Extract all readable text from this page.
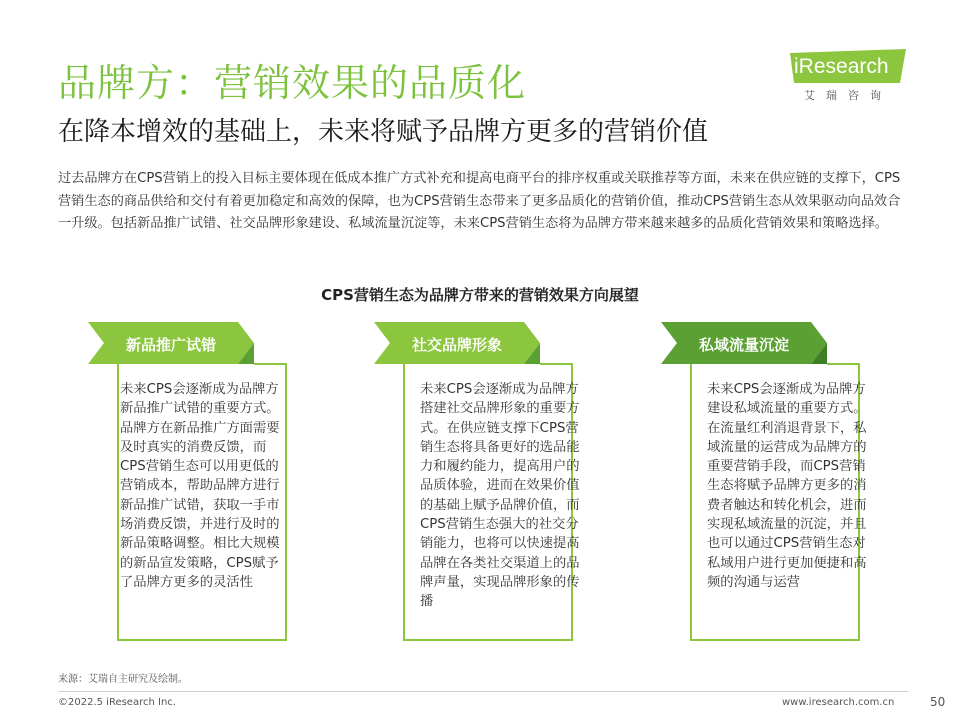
品牌方：营销效果的品质化
在降本增效的基础上，未来将赋予品牌方更多的营销价值
iResearch
艾瑞咨询

过去品牌方在CPS营销上的投入目标主要体现在低成本推广方式补充和提高电商平台的排序权重或关联推荐等方面，未来在供应链的支撑下，CPS营销生态的商品供给和交付有着更加稳定和高效的保障，也为CPS营销生态带来了更多品质化的营销价值，推动CPS营销生态从效果驱动向品效合一升级。包括新品推广试错、社交品牌形象建设、私域流量沉淀等，未来CPS营销生态将为品牌方带来越来越多的品质化营销效果和策略选择。

CPS营销生态为品牌方带来的营销效果方向展望
新品推广试错

未来CPS会逐渐成为品牌方新品推广试错的重要方式。品牌方在新品推广方面需要及时真实的消费反馈，而CPS营销生态可以用更低的营销成本，帮助品牌方进行新品推广试错，获取一手市场消费反馈，并进行及时的新品策略调整。相比大规模的新品宣发策略，CPS赋予了品牌方更多的灵活性

社交品牌形象

未来CPS会逐渐成为品牌方搭建社交品牌形象的重要方式。在供应链支撑下CPS营销生态将具备更好的选品能力和履约能力，提高用户的品质体验，进而在效果价值的基础上赋予品牌价值，而CPS营销生态强大的社交分销能力，也将可以快速提高品牌在各类社交渠道上的品牌声量，实现品牌形象的传播

私域流量沉淀

未来CPS会逐渐成为品牌方建设私域流量的重要方式。在流量红利消退背景下，私域流量的运营成为品牌方的重要营销手段，而CPS营销生态将赋予品牌方更多的消费者触达和转化机会，进而实现私域流量的沉淀，并且也可以通过CPS营销生态对私域用户进行更加便捷和高频的沟通与运营

来源：艾瑞自主研究及绘制。
©2022.5 iResearch Inc.	www.iresearch.com.cn	50
